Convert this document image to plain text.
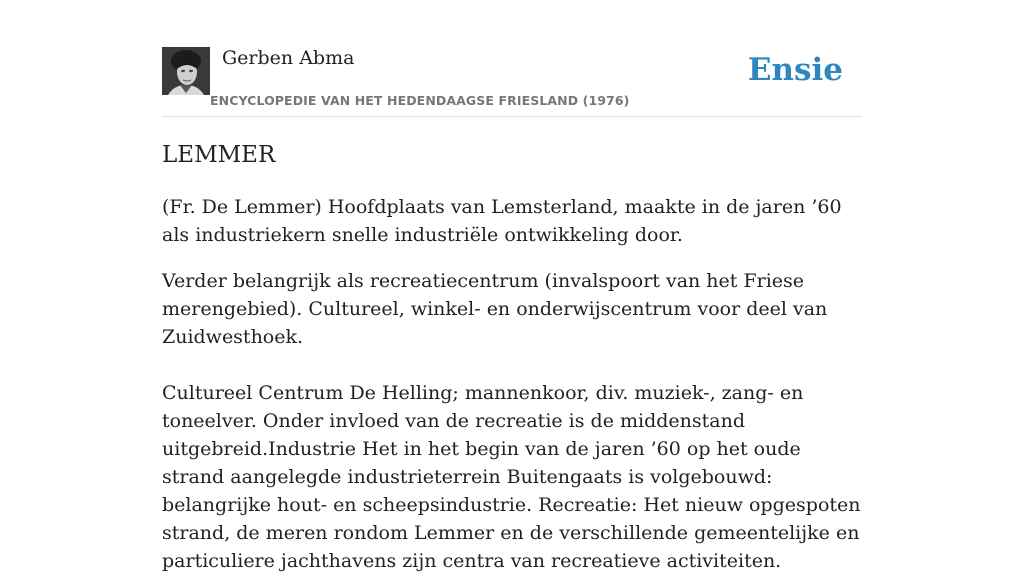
Gerben Abma
ENCYCLOPEDIE VAN HET HEDENDAAGSE FRIESLAND (1976)
Ensie
LEMMER

(Fr. De Lemmer) Hoofdplaats van Lemsterland, maakte in de jaren ’60 als industriekern snelle industriële ontwikkeling door.

Verder belangrijk als recreatiecentrum (invalspoort van het Friese merengebied). Cultureel, winkel- en onderwijscentrum voor deel van Zuidwesthoek.

Cultureel Centrum De Helling; mannenkoor, div. muziek-, zang- en toneelver. Onder invloed van de recreatie is de middenstand uitgebreid.Industrie Het in het begin van de jaren ’60 op het oude strand aangelegde industrieterrein Buitengaats is volgebouwd: belangrijke hout- en scheepsindustrie. Recreatie: Het nieuw opgespoten strand, de meren rondom Lemmer en de verschillende gemeentelijke en particuliere jachthavens zijn centra van recreatieve activiteiten.
